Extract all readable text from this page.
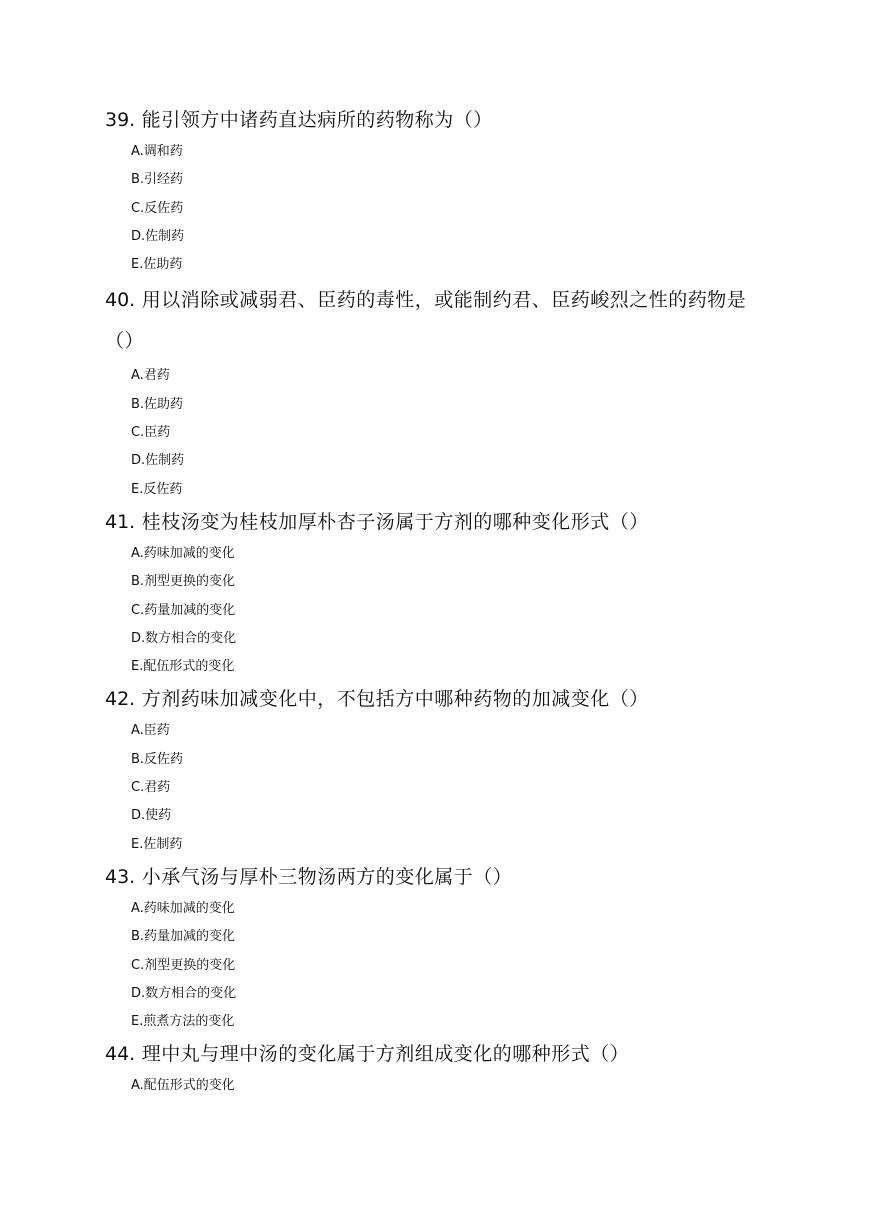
39. 能引领方中诸药直达病所的药物称为（）

A.调和药
B.引经药
C.反佐药
D.佐制药
E.佐助药

40. 用以消除或减弱君、臣药的毒性，或能制约君、臣药峻烈之性的药物是（）

A.君药
B.佐助药
C.臣药
D.佐制药
E.反佐药

41. 桂枝汤变为桂枝加厚朴杏子汤属于方剂的哪种变化形式（）

A.药味加减的变化
B.剂型更换的变化
C.药量加减的变化
D.数方相合的变化
E.配伍形式的变化

42. 方剂药味加减变化中，不包括方中哪种药物的加减变化（）

A.臣药
B.反佐药
C.君药
D.使药
E.佐制药

43. 小承气汤与厚朴三物汤两方的变化属于（）

A.药味加减的变化
B.药量加减的变化
C.剂型更换的变化
D.数方相合的变化
E.煎煮方法的变化

44. 理中丸与理中汤的变化属于方剂组成变化的哪种形式（）

A.配伍形式的变化
